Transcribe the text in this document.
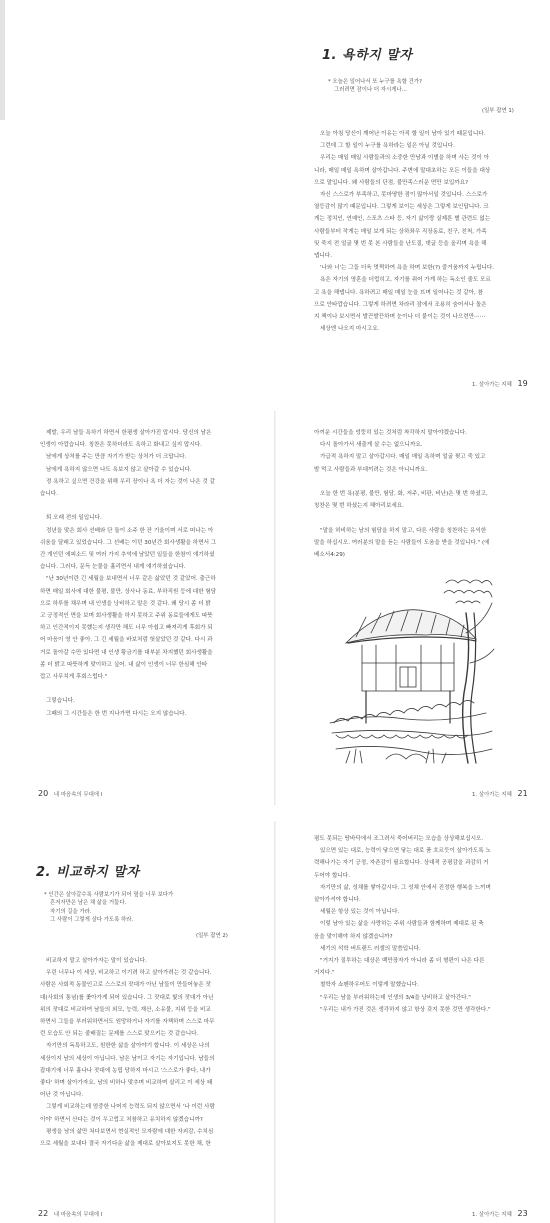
1. 욕하지 말자
* 오늘은 일어나서 또 누구를 욕할 건가?
그러려면 잠이나 더 자시게나...
(일부 잡연 1)
오늘 아침 당신이 깨어난 이유는 아직 할 일이 남아 있기 때문입니다.
그런데 그 할 일이 누구를 욕하라는 일은 아닐 것입니다.
우리는 매일 매일 사람들과의 소중한 만남과 이별을 하며 사는 것이 아
니라, 매일 매일 욕하며 살아갑니다. 주변에 말대초하는 모든 이들을 대상
으로 말입니다. 왜 사람들의 단점, 불만족스러운 면만 보입까요?
자신 스스로가 부족하고, 못마땅한 점이 많아서일 것입니다. 스스로가
열등감이 많기 때문입니다. 그렇게 보이는 세상은 그렇게 보인답니다. 크
게는 정치인, 연예인, 스포츠 스타 등, 자기 삶이랑 실제론 별 관련도 없는
사람들부터 작게는 매일 보게 되는 상하좌우 직장동료, 친구, 친척, 가족
및 죽지 전 얼굴 몇 번 못 본 사람들을 난도질, 댓글 등을 올리며 욕을 해
댑니다.
'나와 너'는 그들 더욱 멋쩍하여 욕을 하며 보한(?) 즐거움까지 누립니다.
욕은 자기의 영혼을 더럽히고, 자기를 쥐어 가게 하는 독소인 줄도 모르
고 욕을 해댑니다. 욕하려고 매일 매일 눈을 뜨며 일어나는 것 같아, 참
으로 안타깝습니다. 그렇게 하려면 차라리 잠에서 조용히 숨어서나 돌은
지 책이나 보시면서 발끈발끈하며 눈이나 더 붙이는 것이 나으련만⋯⋯
세상엔 나오지 마시고요.
1. 살아가는 지혜 19
제발, 우리 남들 욕하기 하면서 한평생 살아가진 맙시다. 당신의 남은
인생이 아깝습니다. 칭찬은 못하더라도 욕하고 화내고 싶지 맙시다.
남에게 상처를 주는 만큼 자기가 받는 상처가 더 크답니다.
남에게 욕하지 않으면 나도 욕보지 않고 살아갈 수 있습니다.
정 욕하고 싶으면 건강을 위해 우리 장이나 욕 더 자는 것이 나은 것 같
습니다.
퇴 오래 전의 일입니다.
정년을 맞은 회사 선배와 단 둘이 소주 한 잔 기울이며 서로 떠나는 아
쉬움을 달래고 있었습니다. 그 선배는 이던 30년간 회사생활을 하면서 그
간 개인던 에피소드 및 여러 가지 추억에 남았던 일들을 한참이 얘기하셨
습니다. 그러다, 문득 눈물을 흘리면서 내게 얘기하셨습니다.
"난 30년이란 긴 세월을 보내면서 너무 같은 삶았던 것 같았어. 출근하
하면 매일 회사에 대한 불평, 불만, 상사나 동료, 부하직원 등에 대한 험담
으로 하루를 채우며 내 인생을 낭비하고 말은 것 같다. 왜 당시 좀 더 밝
고 긍정적인 면을 보며 회사생활을 하지 못하고 주위 동료들에게도 따뜻
하고 인간적이지 못했는지 생각만 해도 너무 아쉽고 빠져리게 후회가 되
어 마음이 영 안 좋아. 그 긴 세월을 바보처럼 헛살았던 것 같다. 다시 과
거로 돌아갈 수만 있다면 내 인생 황금기를 대부분 차지했던 회사생활을
좀 더 밝고 따뜻하게 맞이하고 싶어. 내 삶이 인생이 너무 한심해 안타
깝고 사무치게 후회스럽다."
그렇습니다.
그때의 그 시간들은 한 번 지나가면 다시는 오지 않습니다.
20 내 마음속의 무대에 I
아끼운 시간들을 엉뚱히 있는 것처럼 착각하지 말아야겠습니다.
다시 돌아가서 새출게 살 수는 없으니까요.
가급적 욕하지 말고 살아갑시다. 매일 매일 욕하며 얼굴 찢고 죽 있고
밤 먹고 사람들과 부대끼려는 것은 아니니까요.
오늘 한 번 욕(분평, 불만, 험담, 화, 저주, 비판, 비난)은 몇 번 하셨고,
칭찬은 몇 번 하셨는지 헤아리보세요.
"말을 허비하는 남의 험담을 하지 말고, 다른 사람을 칭찬하는 유익한
말을 하십시오. 여러분의 말을 듣는 사람들이 도움을 받을 것입니다." (에
베소서4:29)
1. 살아가는 지혜 21
2. 비교하지 말자
* 인간은 살아갈수록 사람보기가 되어 옆을 너무 보다가
흔저자만은 남은 채 삶을 거둡다.
자기의 길을 가라.
그 사람이 그렇게 살다 가도록 하라.
(일부 잡연 2)
비교하지 말고 살아가자는 말이 있습니다.
우린 너무나 이 세상, 비교하고 이기려 하고 살아가려는 것 같습니다.
사람은 사회적 동물인고로 스스로의 잣대가 아닌 남들이 만들어놓은 잣
대(사회의 통념)를 좇아가게 되어 있습니다. 그 잣대로 빛의 잣대가 아닌
위의 잣대로 비교하여 남들의 외모, 능력, 재산, 소유물, 지위 등을 비교
하면서 그들을 부러워하면서도 원망하거나 자기를 자책하며 스스로 마무
런 모습도 안 되는 줄배질는 문제를 스스로 맞으키는 것 같습니다.
자기만의 독특하고도, 원한한 삶을 살아야기 합니다. 이 세상은 나의
세상이지 남의 세상이 아닙니다. 남은 남이고 자기는 자기입니다. 남들의
잡대기에 너무 흘나나 잣대에 농립 당하지 마시고 '스스로가 좋다, 내가
좋다' 하며 살아가자요. 남의 비하나 맞추며 비교하며 살리고 이 세상 태
어난 것 아닙니다.
그렇게 비교하는데 엄중한 나머지 능력도 되지 않으면서 '나 이런 사람
이야' 하면서 산다는 것이 우고럽고 처참하고 유치하지 않겠습니까?
평생을 남의 삶만 쳐다보면서 현실적인 모자람에 대한 자괴감, 수치심
으로 세월을 보내다 결국 자기다운 삶을 제대로 살아보지도 못한 채, 한
22 내 마음속의 무대에 I
평도 못되는 땅바닥에서 조그려서 죽어버리는 모습을 상상해보십시오.
있으면 있는 대로, 능력이 닿으면 닿는 대로 품 흐르듯이 살아가도록 노
력해나가는 자기 긍정, 자존감이 필요합니다. 상대적 공평감을 과감히 거
두어야 합니다.
자기만의 삶, 성채를 쌓아갑시다. 그 성채 안에서 진정한 행복을 느끼며
살아가셔야 합니다.
세월은 항상 있는 것이 아닙니다.
이렇 남아 있는 삶을 사랑하는 주위 사람들과 함께하며 제대로 된 축
음을 맞이해야 하지 않겠습니까?
세기의 석학 버트랜드 러셀의 말씀입니다.
"거지가 질투하는 대상은 백만장자가 아니라 좀 더 형편이 나은 다른
거지다."
철학자 쇼펜하우어도 이렇게 말했습니다.
"우리는 남을 부러워하는데 인생의 3/4을 낭비하고 살아간다."
"우리는 내가 가진 것은 생각하지 않고 항상 갖지 못한 것만 생각한다."
1. 살아가는 지혜 23
